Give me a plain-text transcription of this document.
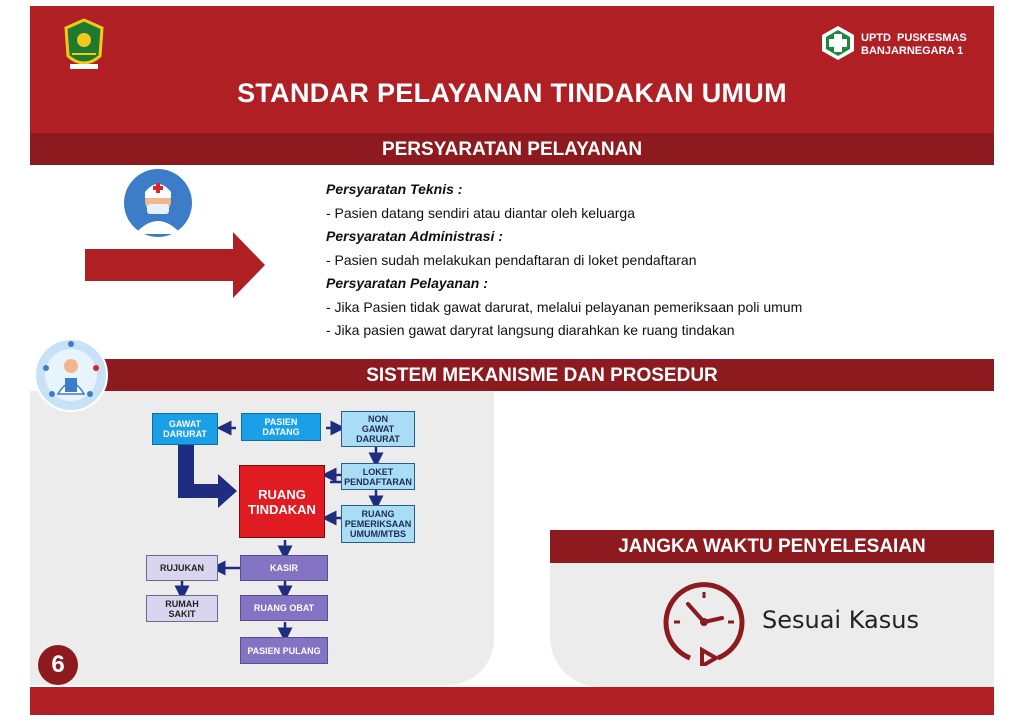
UPTD  PUSKESMAS
BANJARNEGARA 1
STANDAR PELAYANAN TINDAKAN UMUM
PERSYARATAN PELAYANAN
Persyaratan Teknis :
- Pasien datang sendiri atau diantar oleh keluarga
Persyaratan Administrasi :
- Pasien sudah melakukan pendaftaran di loket pendaftaran
Persyaratan Pelayanan :
- Jika Pasien tidak gawat darurat, melalui pelayanan pemeriksaan poli umum
- Jika pasien gawat daryrat langsung diarahkan ke ruang tindakan
SISTEM MEKANISME DAN PROSEDUR
GAWAT
DARURAT
PASIEN
DATANG
NON
GAWAT
DARURAT
LOKET
PENDAFTARAN
RUANG
PEMERIKSAAN
UMUM/MTBS
RUANG
TINDAKAN
KASIR
RUJUKAN
RUMAH
SAKIT
RUANG OBAT
PASIEN PULANG
JANGKA WAKTU PENYELESAIAN
Sesuai Kasus
6
